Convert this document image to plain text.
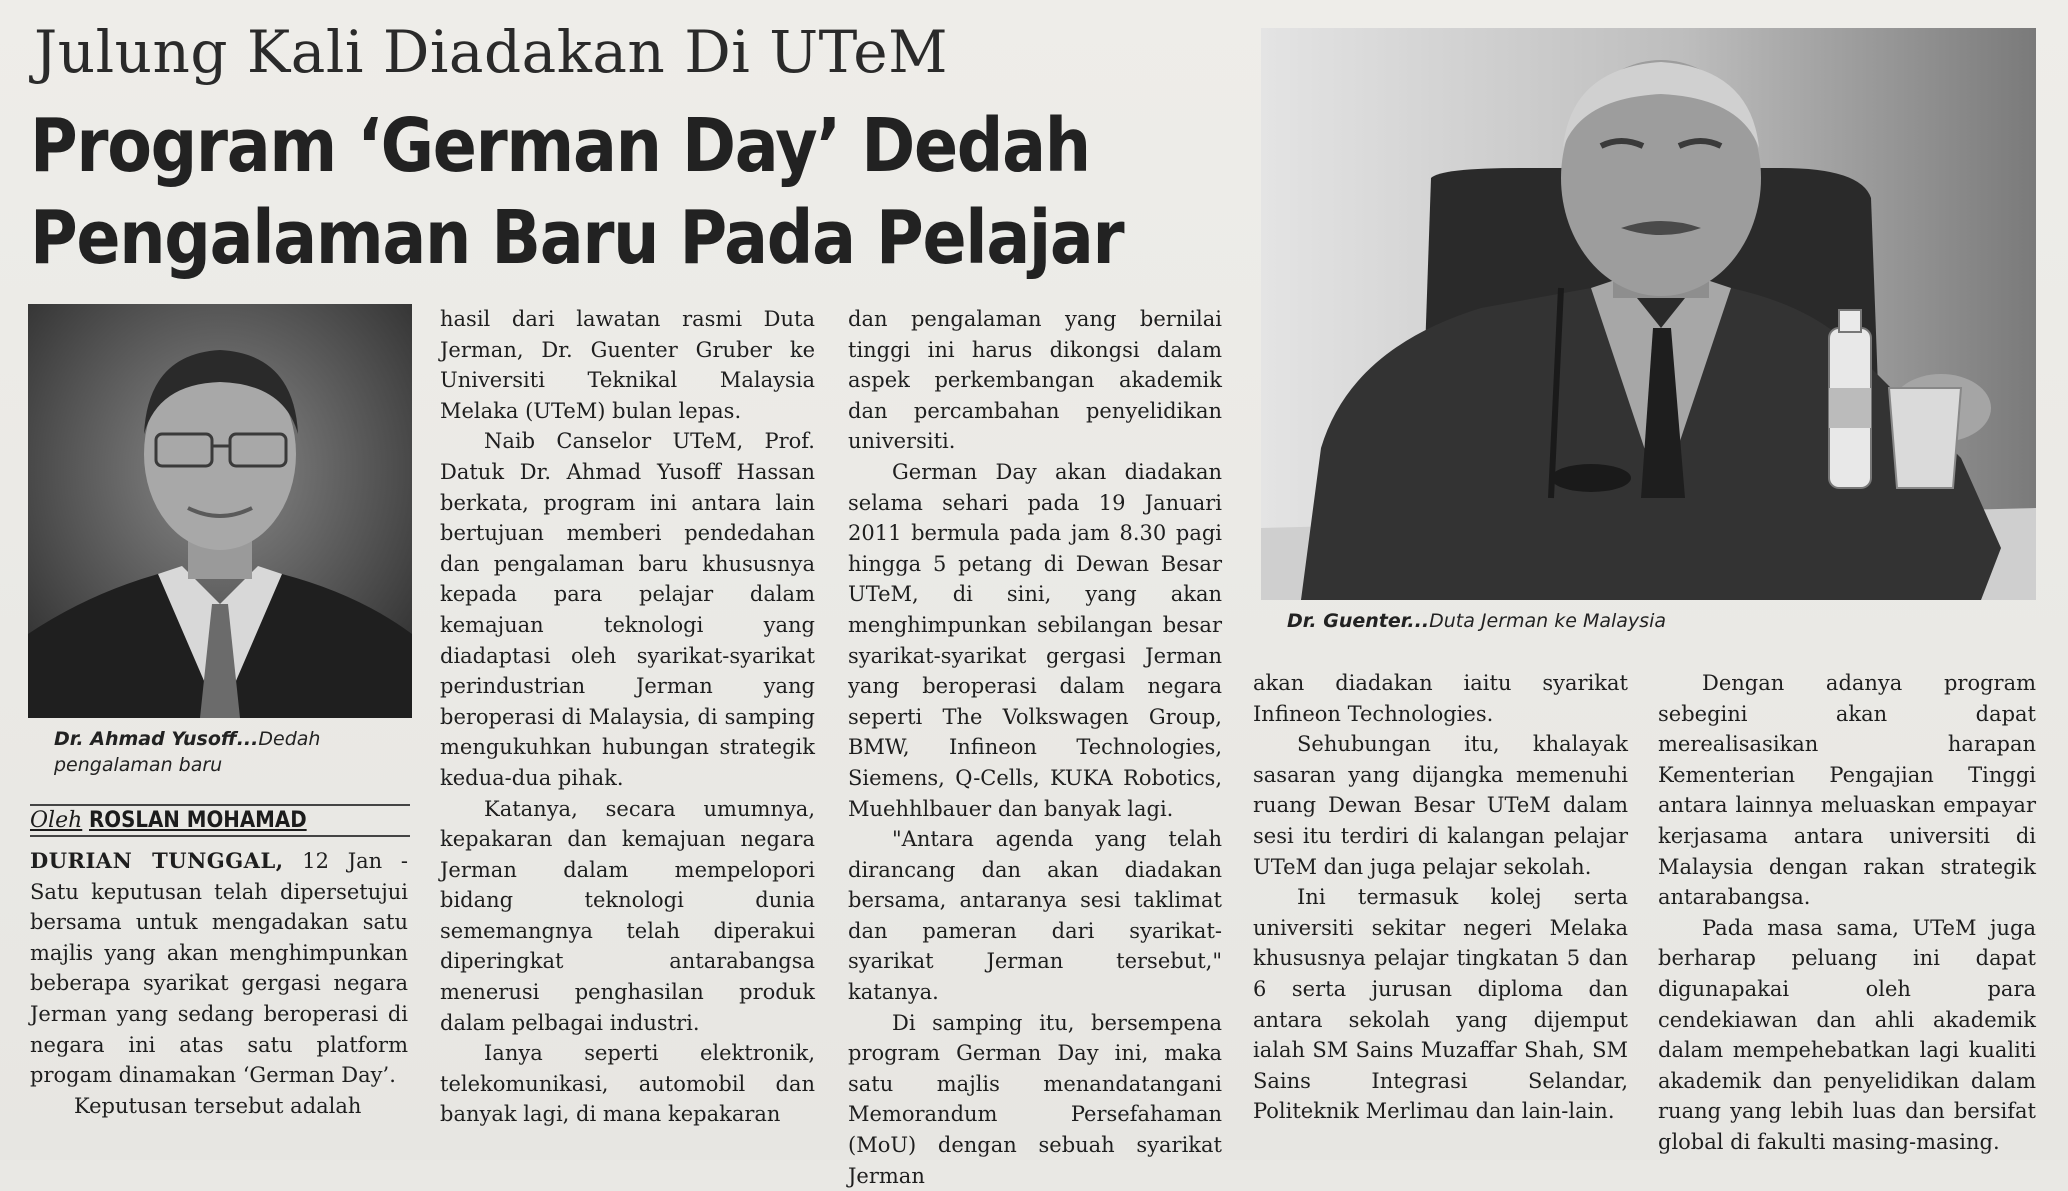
Julung Kali Diadakan Di UTeM
Program ‘German Day’ Dedah
Pengalaman Baru Pada Pelajar
Dr. Ahmad Yusoff...Dedah
pengalaman baru
Oleh ROSLAN MOHAMAD
Dr. Guenter...Duta Jerman ke Malaysia

DURIAN TUNGGAL, 12 Jan - Satu keputusan telah dipersetujui bersama untuk mengadakan satu majlis yang akan menghimpunkan beberapa syarikat gergasi negara Jerman yang sedang beroperasi di negara ini atas satu platform progam dinamakan ‘German Day’.

Keputusan tersebut adalah

hasil dari lawatan rasmi Duta Jerman, Dr. Guenter Gruber ke Universiti Teknikal Malaysia Melaka (UTeM) bulan lepas.

Naib Canselor UTeM, Prof. Datuk Dr. Ahmad Yusoff Hassan berkata, program ini antara lain bertujuan memberi pendedahan dan pengalaman baru khususnya kepada para pelajar dalam kemajuan teknologi yang diadaptasi oleh syarikat-syarikat perindustrian Jerman yang beroperasi di Malaysia, di samping mengukuhkan hubungan strategik kedua-dua pihak.

Katanya, secara umumnya, kepakaran dan kemajuan negara Jerman dalam mempelopori bidang teknologi dunia sememangnya telah diperakui diperingkat antarabangsa menerusi penghasilan produk dalam pelbagai industri.

Ianya seperti elektronik, telekomunikasi, automobil dan banyak lagi, di mana kepakaran

dan pengalaman yang bernilai tinggi ini harus dikongsi dalam aspek perkembangan akademik dan percambahan penyelidikan universiti.

German Day akan diadakan selama sehari pada 19 Januari 2011 bermula pada jam 8.30 pagi hingga 5 petang di Dewan Besar UTeM, di sini, yang akan menghimpunkan sebilangan besar syarikat-syarikat gergasi Jerman yang beroperasi dalam negara seperti The Volkswagen Group, BMW, Infineon Technologies, Siemens, Q-Cells, KUKA Robotics, Muehhlbauer dan banyak lagi.

"Antara agenda yang telah dirancang dan akan diadakan bersama, antaranya sesi taklimat dan pameran dari syarikat-syarikat Jerman tersebut," katanya.

Di samping itu, bersempena program German Day ini, maka satu majlis menandatangani Memorandum Persefahaman (MoU) dengan sebuah syarikat Jerman

akan diadakan iaitu syarikat Infineon Technologies.

Sehubungan itu, khalayak sasaran yang dijangka memenuhi ruang Dewan Besar UTeM dalam sesi itu terdiri di kalangan pelajar UTeM dan juga pelajar sekolah.

Ini termasuk kolej serta universiti sekitar negeri Melaka khususnya pelajar tingkatan 5 dan 6 serta jurusan diploma dan antara sekolah yang dijemput ialah SM Sains Muzaffar Shah, SM Sains Integrasi Selandar, Politeknik Merlimau dan lain-lain.

Dengan adanya program sebegini akan dapat merealisasikan harapan Kementerian Pengajian Tinggi antara lainnya meluaskan empayar kerjasama antara universiti di Malaysia dengan rakan strategik antarabangsa.

Pada masa sama, UTeM juga berharap peluang ini dapat digunapakai oleh para cendekiawan dan ahli akademik dalam mempehebatkan lagi kualiti akademik dan penyelidikan dalam ruang yang lebih luas dan bersifat global di fakulti masing-masing.
